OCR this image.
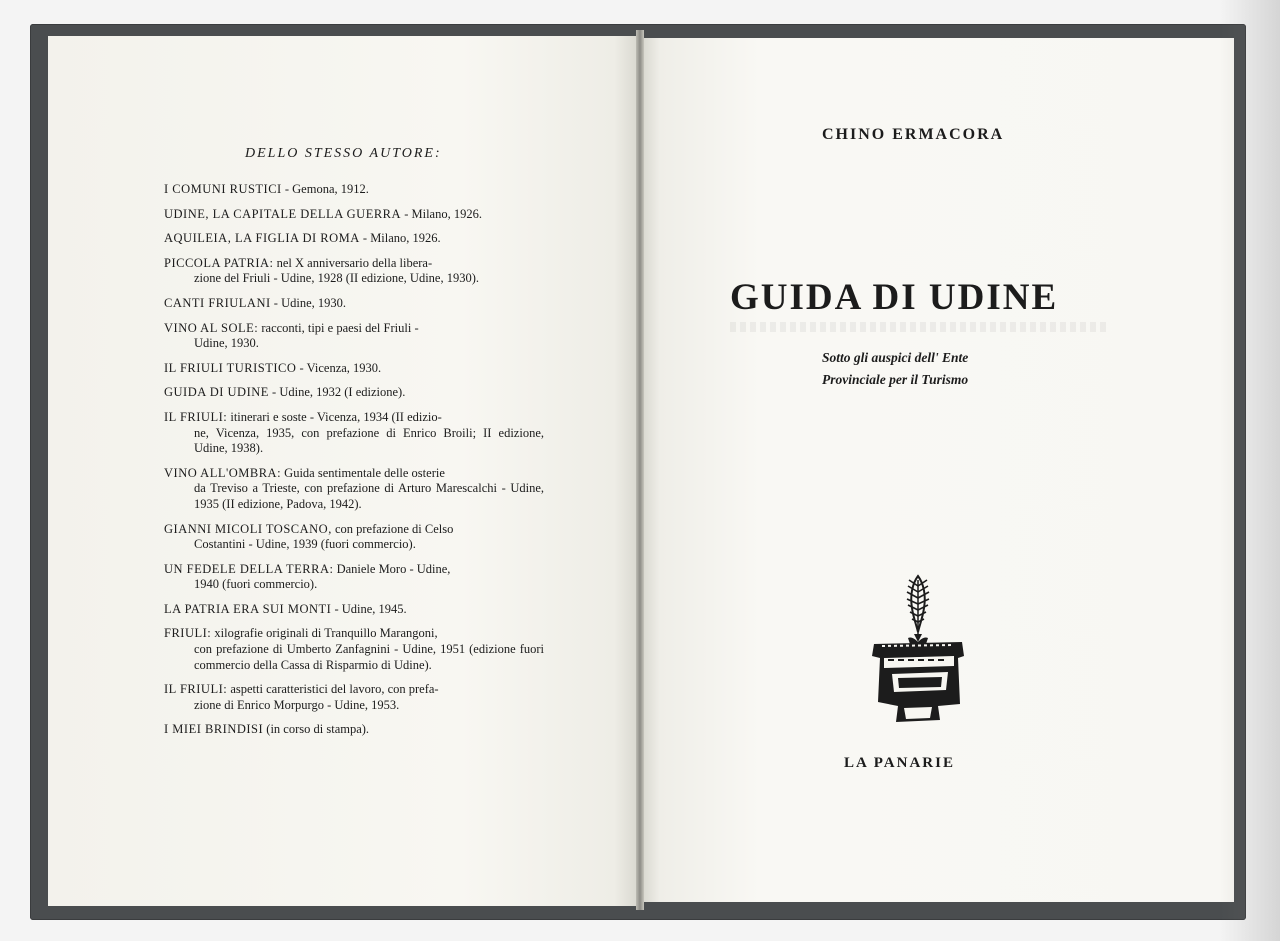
DELLO STESSO AUTORE:
I COMUNI RUSTICI - Gemona, 1912.
UDINE, LA CAPITALE DELLA GUERRA - Milano, 1926.
AQUILEIA, LA FIGLIA DI ROMA - Milano, 1926.
PICCOLA PATRIA: nel X anniversario della libera-
zione del Friuli - Udine, 1928 (II edizione, Udine, 1930).
CANTI FRIULANI - Udine, 1930.
VINO AL SOLE: racconti, tipi e paesi del Friuli -
Udine, 1930.
IL FRIULI TURISTICO - Vicenza, 1930.
GUIDA DI UDINE - Udine, 1932 (I edizione).
IL FRIULI: itinerari e soste - Vicenza, 1934 (II edizio-
ne, Vicenza, 1935, con prefazione di Enrico Broili; II edizione, Udine, 1938).
VINO ALL'OMBRA: Guida sentimentale delle osterie
da Treviso a Trieste, con prefazione di Arturo Marescalchi - Udine, 1935 (II edizione, Padova, 1942).
GIANNI MICOLI TOSCANO, con prefazione di Celso
Costantini - Udine, 1939 (fuori commercio).
UN FEDELE DELLA TERRA: Daniele Moro - Udine,
1940 (fuori commercio).
LA PATRIA ERA SUI MONTI - Udine, 1945.
FRIULI: xilografie originali di Tranquillo Marangoni,
con prefazione di Umberto Zanfagnini - Udine, 1951 (edizione fuori commercio della Cassa di Risparmio di Udine).
IL FRIULI: aspetti caratteristici del lavoro, con prefa-
zione di Enrico Morpurgo - Udine, 1953.
I MIEI BRINDISI (in corso di stampa).
CHINO ERMACORA
GUIDA DI UDINE
Sotto gli auspici dell' Ente
Provinciale per il Turismo
LA PANARIE
